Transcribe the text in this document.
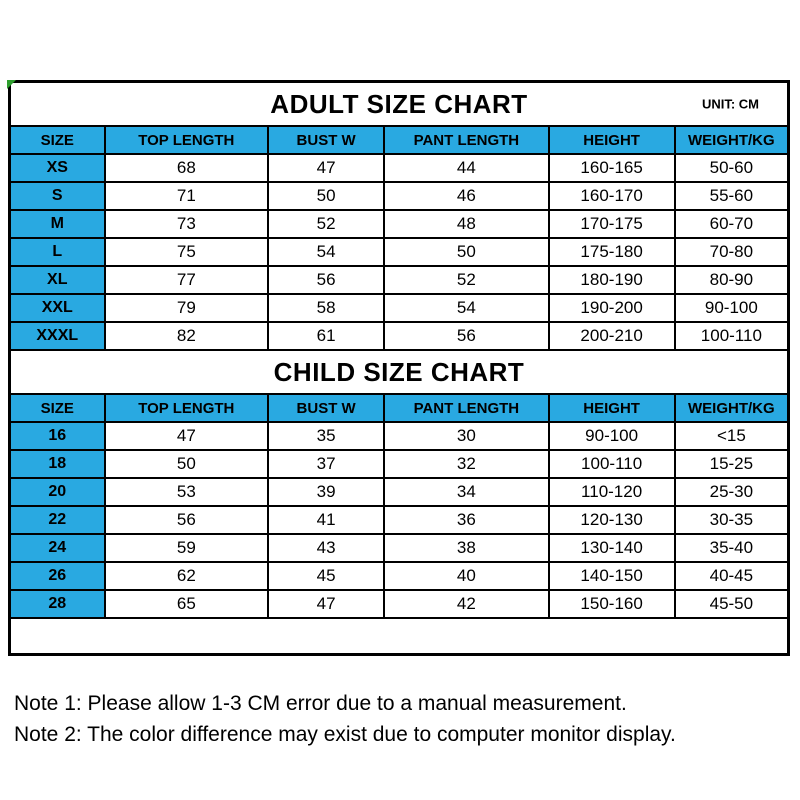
ADULT SIZE CHART UNIT: CM					

SIZE	TOP LENGTH	BUST W	PANT LENGTH	HEIGHT	WEIGHT/KG
XS	68	47	44	160-165	50-60
S	71	50	46	160-170	55-60
M	73	52	48	170-175	60-70
L	75	54	50	175-180	70-80
XL	77	56	52	180-190	80-90
XXL	79	58	54	190-200	90-100
XXXL	82	61	56	200-210	100-110
CHILD SIZE CHART					
SIZE	TOP LENGTH	BUST W	PANT LENGTH	HEIGHT	WEIGHT/KG
16	47	35	30	90-100	<15
18	50	37	32	100-110	15-25
20	53	39	34	110-120	25-30
22	56	41	36	120-130	30-35
24	59	43	38	130-140	35-40
26	62	45	40	140-150	40-45
28	65	47	42	150-160	45-50

Note 1: Please allow 1-3 CM error due to a manual measurement.
Note 2: The color difference may exist due to computer monitor display.
